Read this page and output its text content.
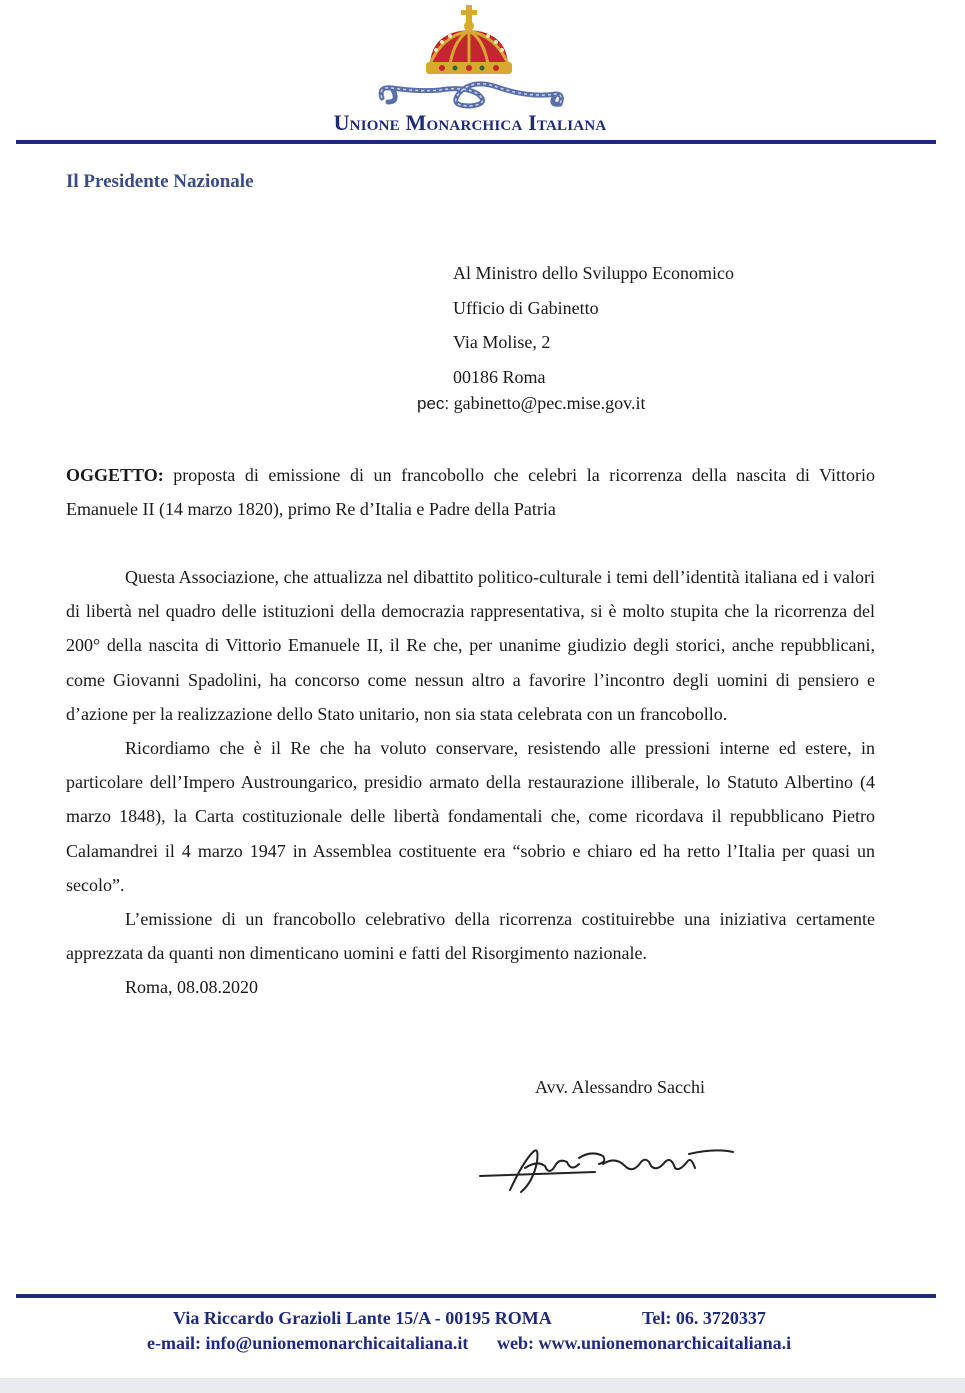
Unione Monarchica Italiana
Il Presidente Nazionale
Al Ministro dello Sviluppo Economico
Ufficio di Gabinetto
Via Molise, 2
00186 Roma
pec: gabinetto@pec.mise.gov.it
OGGETTO: proposta di emissione di un francobollo che celebri la ricorrenza della nascita di Vittorio Emanuele II (14 marzo 1820), primo Re d’Italia e Padre della Patria

Questa Associazione, che attualizza nel dibattito politico-culturale i temi dell’identità italiana ed i valori di libertà nel quadro delle istituzioni della democrazia rappresentativa, si è molto stupita che la ricorrenza del 200° della nascita di Vittorio Emanuele II, il Re che, per unanime giudizio degli storici, anche repubblicani, come Giovanni Spadolini, ha concorso come nessun altro a favorire l’incontro degli uomini di pensiero e d’azione per la realizzazione dello Stato unitario, non sia stata celebrata con un francobollo.

Ricordiamo che è il Re che ha voluto conservare, resistendo alle pressioni interne ed estere, in particolare dell’Impero Austroungarico, presidio armato della restaurazione illiberale, lo Statuto Albertino (4 marzo 1848), la Carta costituzionale delle libertà fondamentali che, come ricordava il repubblicano Pietro Calamandrei il 4 marzo 1947 in Assemblea costituente era “sobrio e chiaro ed ha retto l’Italia per quasi un secolo”.

L’emissione di un francobollo celebrativo della ricorrenza costituirebbe una iniziativa certamente apprezzata da quanti non dimenticano uomini e fatti del Risorgimento nazionale.

Roma, 08.08.2020

Avv. Alessandro Sacchi
Via Riccardo Grazioli Lante 15/A - 00195 ROMA	Tel: 06. 3720337
e-mail: info@unionemonarchicaitaliana.it web: www.unionemonarchicaitaliana.i
